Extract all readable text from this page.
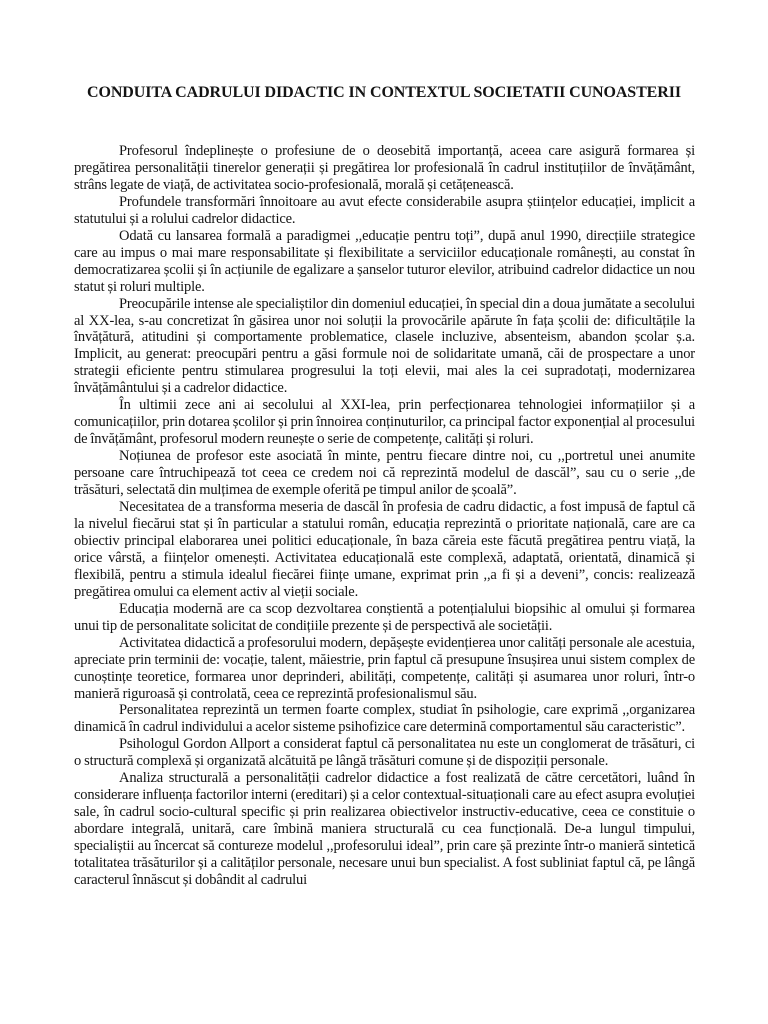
CONDUITA CADRULUI DIDACTIC IN CONTEXTUL SOCIETATII CUNOASTERII

Profesorul îndeplinește o profesiune de o deosebită importanță, aceea care asigură formarea și pregătirea personalității tinerelor generații și pregătirea lor profesională în cadrul instituțiilor de învățământ, strâns legate de viață, de activitatea socio-profesională, morală și cetățenească.

Profundele transformări înnoitoare au avut efecte considerabile asupra științelor educației, implicit a statutului și a rolului cadrelor didactice.

Odată cu lansarea formală a paradigmei ,,educație pentru toți”, după anul 1990, direcțiile strategice care au impus o mai mare responsabilitate și flexibilitate a serviciilor educaționale românești, au constat în democratizarea școlii și în acțiunile de egalizare a șanselor tuturor elevilor, atribuind cadrelor didactice un nou statut și roluri multiple.

Preocupările intense ale specialiștilor din domeniul educației, în special din a doua jumătate a secolului al XX-lea, s-au concretizat în găsirea unor noi soluții la provocările apărute în fața școlii de: dificultățile la învățătură, atitudini și comportamente problematice, clasele incluzive, absenteism, abandon școlar ș.a. Implicit, au generat: preocupări pentru a găsi formule noi de solidaritate umană, căi de prospectare a unor strategii eficiente pentru stimularea progresului la toți elevii, mai ales la cei supradotați, modernizarea învățământului și a cadrelor didactice.

În ultimii zece ani ai secolului al XXI-lea, prin perfecționarea tehnologiei informațiilor și a comunicațiilor, prin dotarea școlilor și prin înnoirea conținuturilor, ca principal factor exponențial al procesului de învățământ, profesorul modern reunește o serie de competențe, calități și roluri.

Noțiunea de profesor este asociată în minte, pentru fiecare dintre noi, cu ,,portretul unei anumite persoane care întruchipează tot ceea ce credem noi că reprezintă modelul de dascăl”, sau cu o serie ,,de trăsături, selectată din mulțimea de exemple oferită pe timpul anilor de școală”.

Necesitatea de a transforma meseria de dascăl în profesia de cadru didactic, a fost impusă de faptul că la nivelul fiecărui stat și în particular a statului român, educația reprezintă o prioritate națională, care are ca obiectiv principal elaborarea unei politici educaționale, în baza căreia este făcută pregătirea pentru viață, la orice vârstă, a ființelor omenești. Activitatea educațională este complexă, adaptată, orientată, dinamică și flexibilă, pentru a stimula idealul fiecărei ființe umane, exprimat prin ,,a fi și a deveni”, concis: realizează pregătirea omului ca element activ al vieții sociale.

Educația modernă are ca scop dezvoltarea conștientă a potențialului biopsihic al omului și formarea unui tip de personalitate solicitat de condițiile prezente și de perspectivă ale societății.

Activitatea didactică a profesorului modern, depășește evidențierea unor calități personale ale acestuia, apreciate prin terminii de: vocație, talent, măiestrie, prin faptul că presupune însușirea unui sistem complex de cunoștințe teoretice, formarea unor deprinderi, abilități, competențe, calități și asumarea unor roluri, într-o manieră riguroasă și controlată, ceea ce reprezintă profesionalismul său.

Personalitatea reprezintă un termen foarte complex, studiat în psihologie, care exprimă ,,organizarea dinamică în cadrul individului a acelor sisteme psihofizice care determină comportamentul său caracteristic”.

Psihologul Gordon Allport a considerat faptul că personalitatea nu este un conglomerat de trăsături, ci o structură complexă și organizată alcătuită pe lângă trăsături comune și de dispoziții personale.

Analiza structurală a personalității cadrelor didactice a fost realizată de către cercetători, luând în considerare influența factorilor interni (ereditari) și a celor contextual-situaționali care au efect asupra evoluției sale, în cadrul socio-cultural specific și prin realizarea obiectivelor instructiv-educative, ceea ce constituie o abordare integrală, unitară, care îmbină maniera structurală cu cea funcțională. De-a lungul timpului, specialiștii au încercat să contureze modelul ,,profesorului ideal”, prin care șă prezinte într-o manieră sintetică totalitatea trăsăturilor și a calităților personale, necesare unui bun specialist. A fost subliniat faptul că, pe lângă caracterul înnăscut și dobândit al cadrului
